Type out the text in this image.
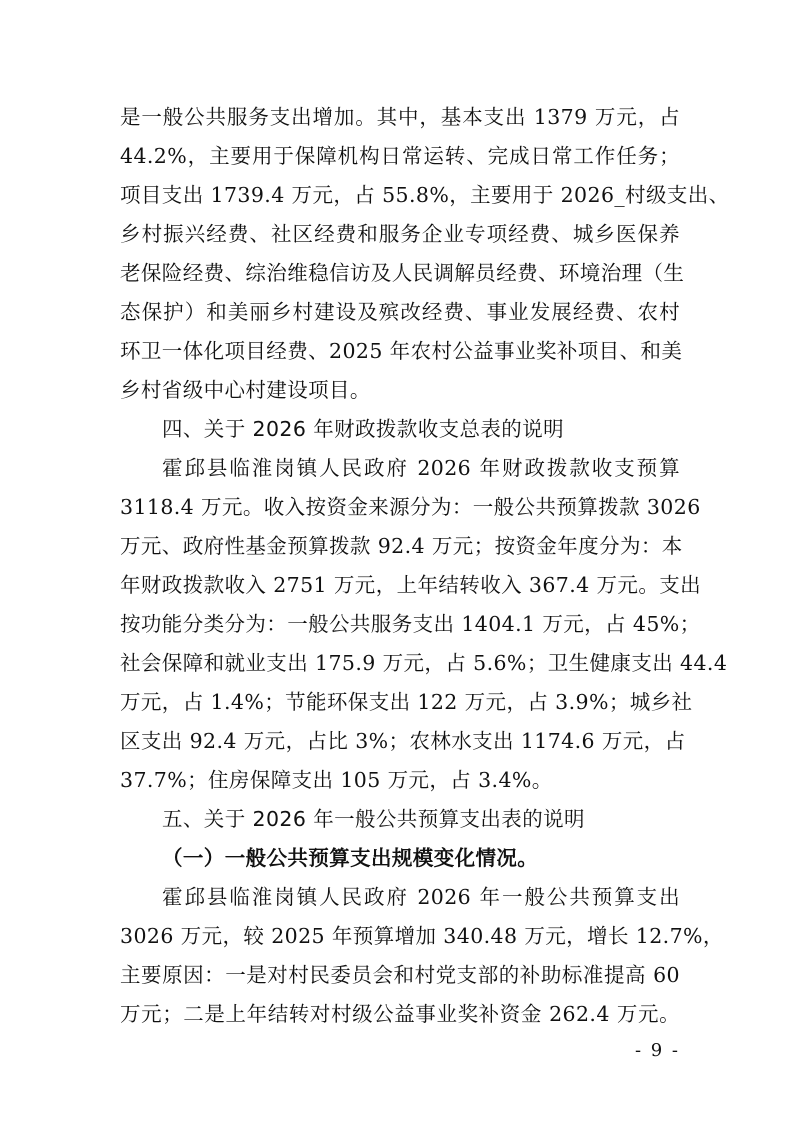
是一般公共服务支出增加。其中，基本支出 1379 万元，占
44.2%，主要用于保障机构日常运转、完成日常工作任务；
项目支出 1739.4 万元，占 55.8%，主要用于 2026_村级支出、
乡村振兴经费、社区经费和服务企业专项经费、城乡医保养
老保险经费、综治维稳信访及人民调解员经费、环境治理（生
态保护）和美丽乡村建设及殡改经费、事业发展经费、农村
环卫一体化项目经费、2025 年农村公益事业奖补项目、和美
乡村省级中心村建设项目。
四、关于 2026 年财政拨款收支总表的说明
霍邱县临淮岗镇人民政府 2026 年财政拨款收支预算
3118.4 万元。收入按资金来源分为：一般公共预算拨款 3026
万元、政府性基金预算拨款 92.4 万元；按资金年度分为：本
年财政拨款收入 2751 万元，上年结转收入 367.4 万元。支出
按功能分类分为：一般公共服务支出 1404.1 万元，占 45%；
社会保障和就业支出 175.9 万元，占 5.6%；卫生健康支出 44.4
万元，占 1.4%；节能环保支出 122 万元，占 3.9%；城乡社
区支出 92.4 万元，占比 3%；农林水支出 1174.6 万元，占
37.7%；住房保障支出 105 万元，占 3.4%。
五、关于 2026 年一般公共预算支出表的说明
（一）一般公共预算支出规模变化情况。
霍邱县临淮岗镇人民政府 2026 年一般公共预算支出
3026 万元，较 2025 年预算增加 340.48 万元，增长 12.7%，
主要原因：一是对村民委员会和村党支部的补助标准提高 60
万元；二是上年结转对村级公益事业奖补资金 262.4 万元。
- 9 -
